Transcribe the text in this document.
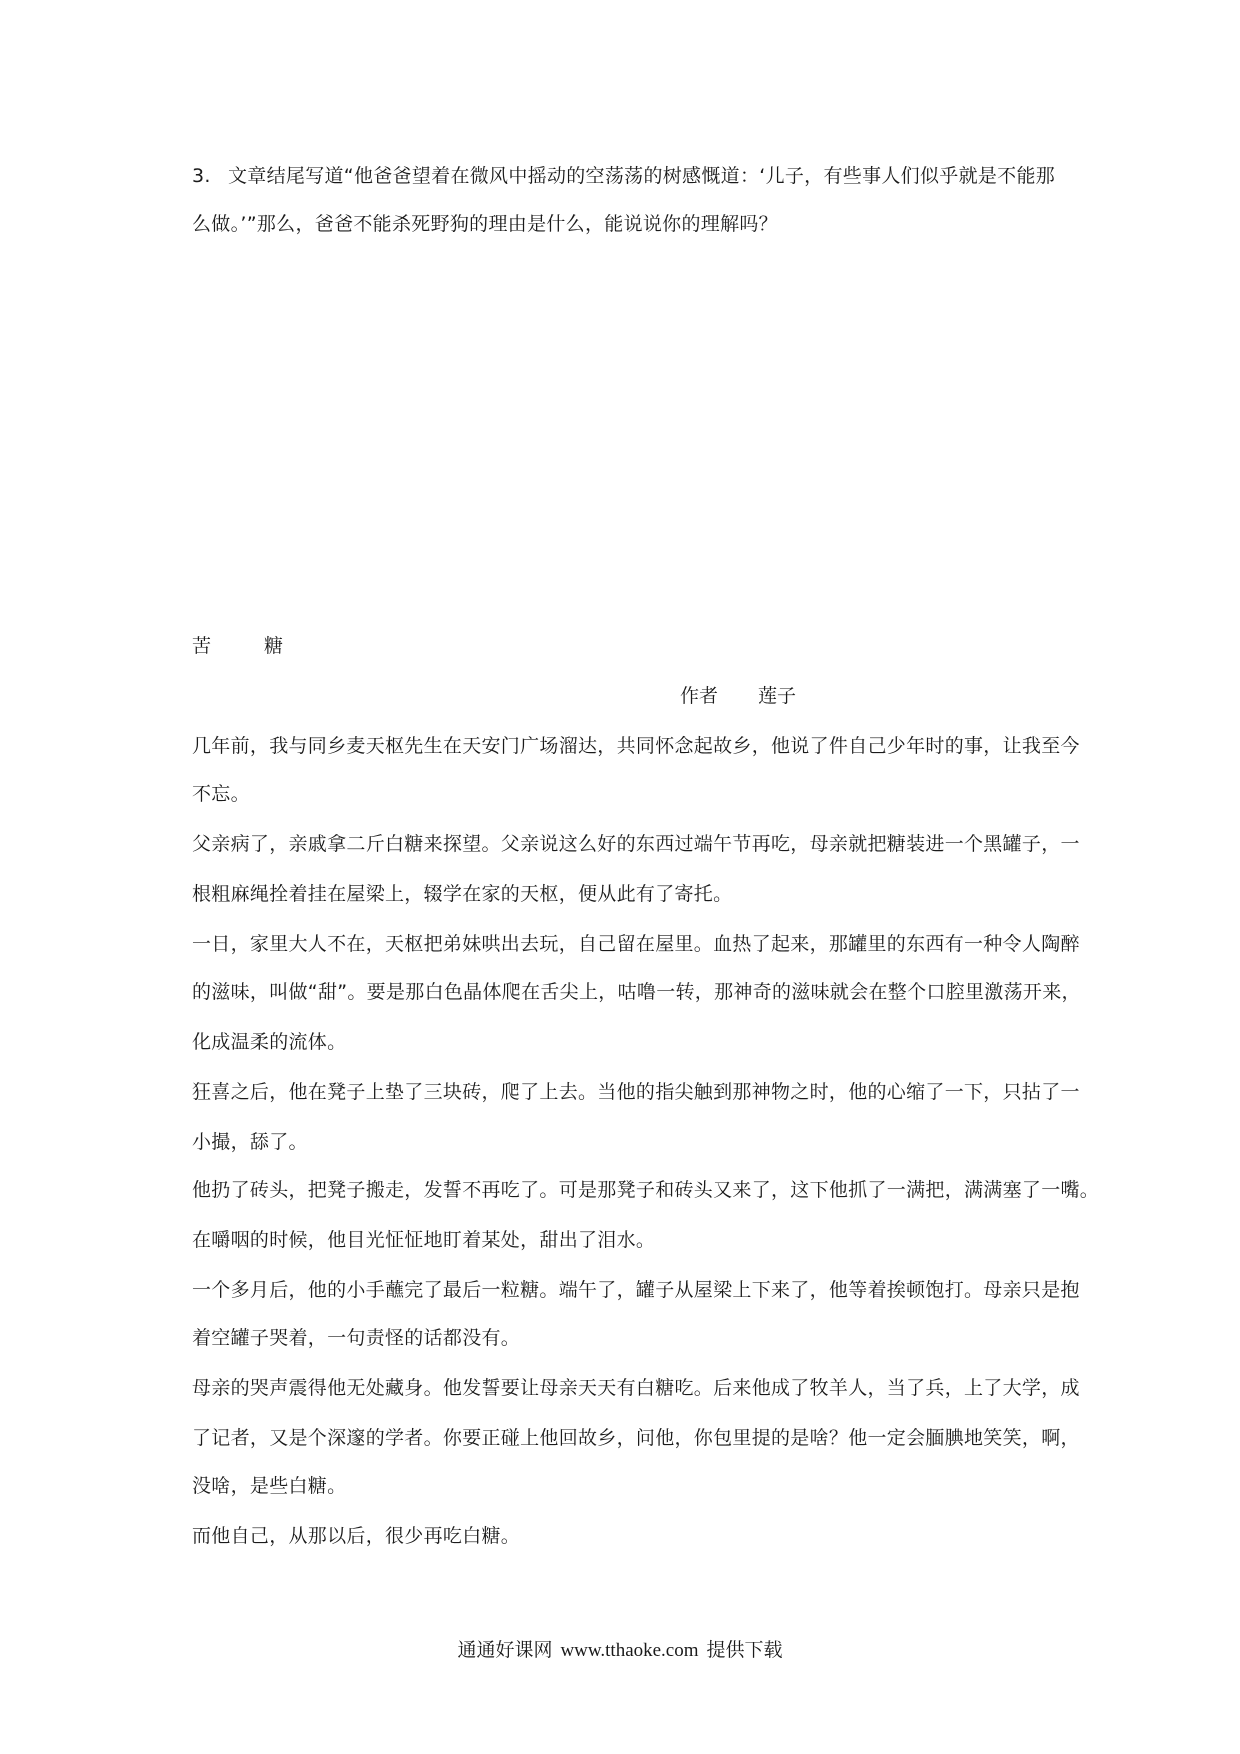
3. 文章结尾写道“他爸爸望着在微风中摇动的空荡荡的树感慨道：‘儿子，有些事人们似乎就是不能那
么做。’”那么，爸爸不能杀死野狗的理由是什么，能说说你的理解吗？
苦	糖
作者 莲子
几年前，我与同乡麦天枢先生在天安门广场溜达，共同怀念起故乡，他说了件自己少年时的事，让我至今
不忘。
父亲病了，亲戚拿二斤白糖来探望。父亲说这么好的东西过端午节再吃，母亲就把糖装进一个黑罐子，一
根粗麻绳拴着挂在屋梁上，辍学在家的天枢，便从此有了寄托。
一日，家里大人不在，天枢把弟妹哄出去玩，自己留在屋里。血热了起来，那罐里的东西有一种令人陶醉
的滋味，叫做“甜”。要是那白色晶体爬在舌尖上，咕噜一转，那神奇的滋味就会在整个口腔里激荡开来，
化成温柔的流体。
狂喜之后，他在凳子上垫了三块砖，爬了上去。当他的指尖触到那神物之时，他的心缩了一下，只拈了一
小撮，舔了。
他扔了砖头，把凳子搬走，发誓不再吃了。可是那凳子和砖头又来了，这下他抓了一满把，满满塞了一嘴。
在嚼咽的时候，他目光怔怔地盯着某处，甜出了泪水。
一个多月后，他的小手蘸完了最后一粒糖。端午了，罐子从屋梁上下来了，他等着挨顿饱打。母亲只是抱
着空罐子哭着，一句责怪的话都没有。
母亲的哭声震得他无处藏身。他发誓要让母亲天天有白糖吃。后来他成了牧羊人，当了兵，上了大学，成
了记者，又是个深邃的学者。你要正碰上他回故乡，问他，你包里提的是啥？他一定会腼腆地笑笑，啊，
没啥，是些白糖。
而他自己，从那以后，很少再吃白糖。
通通好课网 www.tthaoke.com 提供下载
